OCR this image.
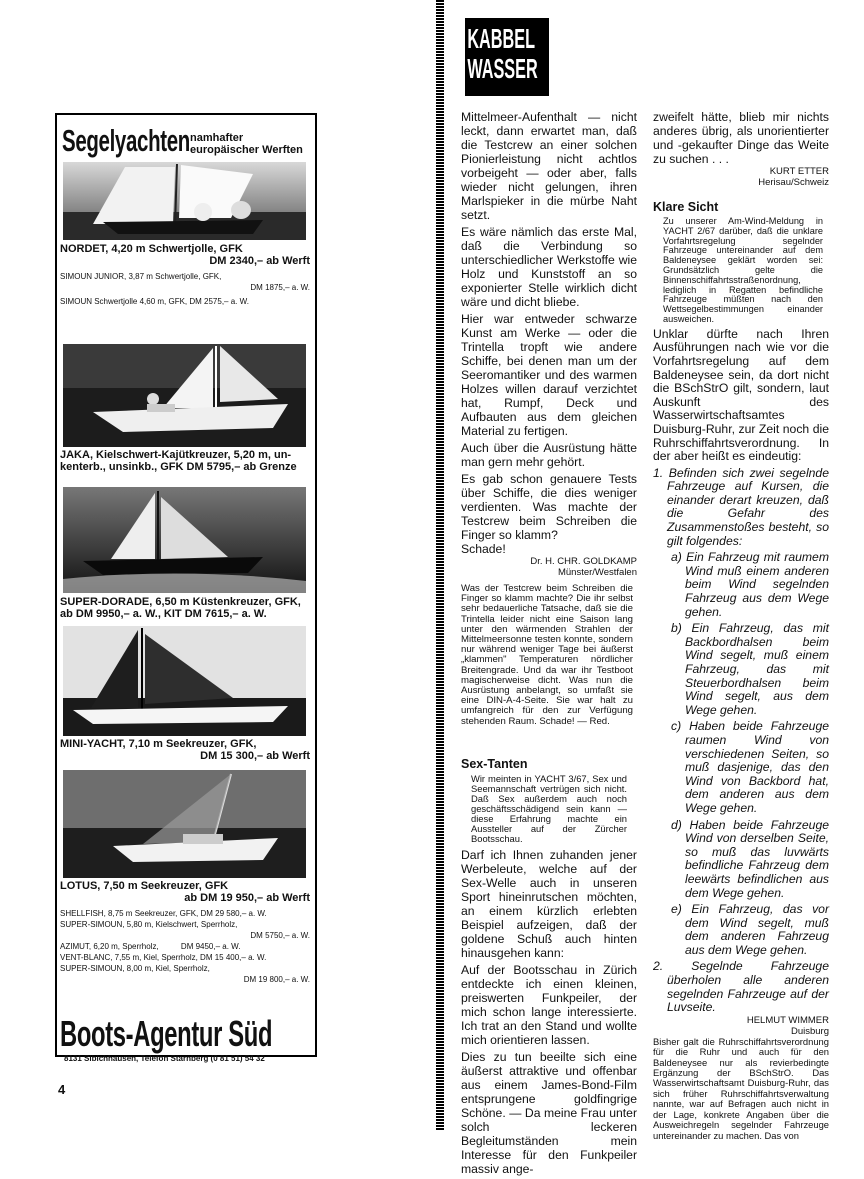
Segelyachten namhafter
europäischer Werften
NORDET, 4,20 m Schwertjolle, GFK
DM 2340,– ab Werft
SIMOUN JUNIOR, 3,87 m Schwertjolle, GFK,
DM 1875,– a. W.
SIMOUN Schwertjolle 4,60 m, GFK, DM 2575,– a. W.
JAKA, Kielschwert-Kajütkreuzer, 5,20 m, un-
kenterb., unsinkb., GFK DM 5795,– ab Grenze
SUPER-DORADE, 6,50 m Küstenkreuzer, GFK,
ab DM 9950,– a. W., KIT DM 7615,– a. W.
MINI-YACHT, 7,10 m Seekreuzer, GFK,
DM 15 300,– ab Werft
LOTUS, 7,50 m Seekreuzer, GFK
ab DM 19 950,– ab Werft
SHELLFISH, 8,75 m Seekreuzer, GFK, DM 29 580,– a. W.
SUPER-SIMOUN, 5,80 m, Kielschwert, Sperrholz,
DM 5750,– a. W.
AZIMUT, 6,20 m, Sperrholz,          DM 9450,– a. W.
VENT-BLANC, 7,55 m, Kiel, Sperrholz, DM 15 400,– a. W.
SUPER-SIMOUN, 8,00 m, Kiel, Sperrholz,
DM 19 800,– a. W.
Boots-Agentur Süd
8131 Sibichhausen, Telefon Starnberg (0 81 51) 54 32
4
KABBEL
WASSER

Mittelmeer-Aufenthalt — nicht leckt, dann erwartet man, daß die Testcrew an einer solchen Pionierleistung nicht achtlos vorbeigeht — oder aber, falls wieder nicht gelungen, ihren Marlspieker in die mürbe Naht setzt.

Es wäre nämlich das erste Mal, daß die Verbindung so unterschiedlicher Werkstoffe wie Holz und Kunststoff an so exponierter Stelle wirklich dicht wäre und dicht bliebe.

Hier war entweder schwarze Kunst am Werke — oder die Trintella tropft wie andere Schiffe, bei denen man um der Seeromantiker und des warmen Holzes willen darauf verzichtet hat, Rumpf, Deck und Aufbauten aus dem gleichen Material zu fertigen.

Auch über die Ausrüstung hätte man gern mehr gehört.

Es gab schon genauere Tests über Schiffe, die dies weniger verdienten. Was machte der Testcrew beim Schreiben die Finger so klamm?

Schade!

Dr. H. CHR. GOLDKAMP
Münster/Westfalen

Was der Testcrew beim Schreiben die Finger so klamm machte? Die ihr selbst sehr bedauerliche Tatsache, daß sie die Trintella leider nicht eine Saison lang unter den wärmenden Strahlen der Mittelmeersonne testen konnte, sondern nur während weniger Tage bei äußerst „klammen" Temperaturen nördlicher Breitengrade. Und da war ihr Testboot magischerweise dicht. Was nun die Ausrüstung anbelangt, so umfaßt sie eine DIN-A-4-Seite. Sie war halt zu umfangreich für den zur Verfügung stehenden Raum. Schade! — Red.

Sex-Tanten

Wir meinten in YACHT 3/67, Sex und Seemannschaft vertrügen sich nicht. Daß Sex außerdem auch noch geschäftsschädigend sein kann — diese Erfahrung machte ein Aussteller auf der Zürcher Bootsschau.

Darf ich Ihnen zuhanden jener Werbeleute, welche auf der Sex-Welle auch in unseren Sport hineinrutschen möchten, an einem kürzlich erlebten Beispiel aufzeigen, daß der goldene Schuß auch hinten hinausgehen kann:

Auf der Bootsschau in Zürich entdeckte ich einen kleinen, preiswerten Funkpeiler, der mich schon lange interessierte. Ich trat an den Stand und wollte mich orientieren lassen.

Dies zu tun beeilte sich eine äußerst attraktive und offenbar aus einem James-Bond-Film entsprungene goldfingrige Schöne. — Da meine Frau unter solch leckeren Begleitumständen mein Interesse für den Funkpeiler massiv ange-

zweifelt hätte, blieb mir nichts anderes übrig, als unorientierter und -gekaufter Dinge das Weite zu suchen . . .

KURT ETTER
Herisau/Schweiz
Klare Sicht

Zu unserer Am-Wind-Meldung in YACHT 2/67 darüber, daß die unklare Vorfahrtsregelung segelnder Fahrzeuge untereinander auf dem Baldeneysee geklärt worden sei: Grundsätzlich gelte die Binnenschiffahrtsstraßenordnung, lediglich in Regatten befindliche Fahrzeuge müßten nach den Wettsegelbestimmungen einander ausweichen.

Unklar dürfte nach Ihren Ausführungen nach wie vor die Vorfahrtsregelung auf dem Baldeneysee sein, da dort nicht die BSchStrO gilt, sondern, laut Auskunft des Wasserwirtschaftsamtes Duisburg-Ruhr, zur Zeit noch die Ruhrschiffahrtsverordnung. In der aber heißt es eindeutig:

1. Befinden sich zwei segelnde Fahrzeuge auf Kursen, die einander derart kreuzen, daß die Gefahr des Zusammenstoßes besteht, so gilt folgendes:

a) Ein Fahrzeug mit raumem Wind muß einem anderen beim Wind segelnden Fahrzeug aus dem Wege gehen.

b) Ein Fahrzeug, das mit Backbordhalsen beim Wind segelt, muß einem Fahrzeug, das mit Steuerbordhalsen beim Wind segelt, aus dem Wege gehen.

c) Haben beide Fahrzeuge raumen Wind von verschiedenen Seiten, so muß dasjenige, das den Wind von Backbord hat, dem anderen aus dem Wege gehen.

d) Haben beide Fahrzeuge Wind von derselben Seite, so muß das luvwärts befindliche Fahrzeug dem leewärts befindlichen aus dem Wege gehen.

e) Ein Fahrzeug, das vor dem Wind segelt, muß dem anderen Fahrzeug aus dem Wege gehen.

2. Segelnde Fahrzeuge überholen alle anderen segelnden Fahrzeuge auf der Luvseite.

HELMUT WIMMER
Duisburg

Bisher galt die Ruhrschiffahrtsverordnung für die Ruhr und auch für den Baldeneysee nur als revierbedingte Ergänzung der BSchStrO. Das Wasserwirtschaftsamt Duisburg-Ruhr, das sich früher Ruhrschiffahrtsverwaltung nannte, war auf Befragen auch nicht in der Lage, konkrete Angaben über die Ausweichregeln segelnder Fahrzeuge untereinander zu machen. Das von
